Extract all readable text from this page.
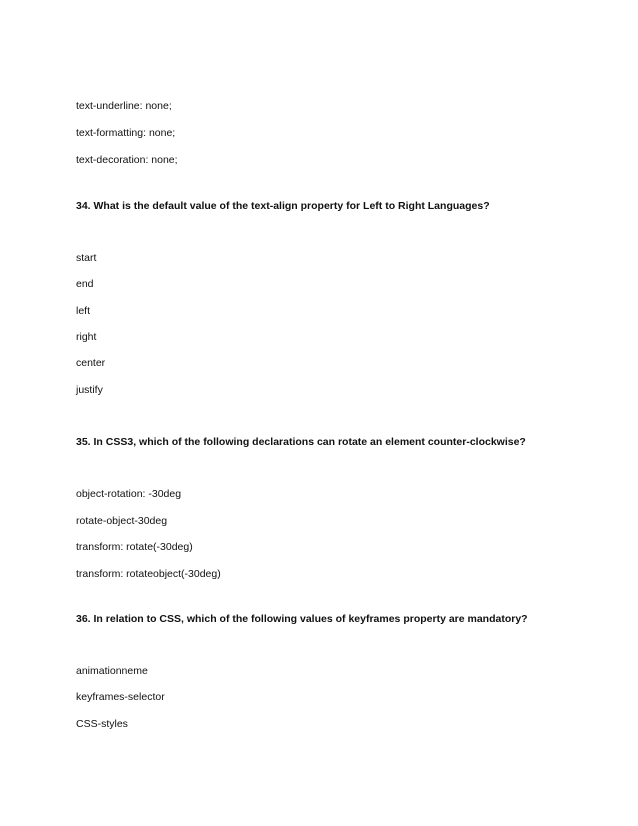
text-underline: none;
text-formatting: none;
text-decoration: none;
34. What is the default value of the text-align property for Left to Right Languages?
start
end
left
right
center
justify
35. In CSS3, which of the following declarations can rotate an element counter-clockwise?
object-rotation: -30deg
rotate-object-30deg
transform: rotate(-30deg)
transform: rotateobject(-30deg)
36. In relation to CSS, which of the following values of keyframes property are mandatory?
animationneme
keyframes-selector
CSS-styles
